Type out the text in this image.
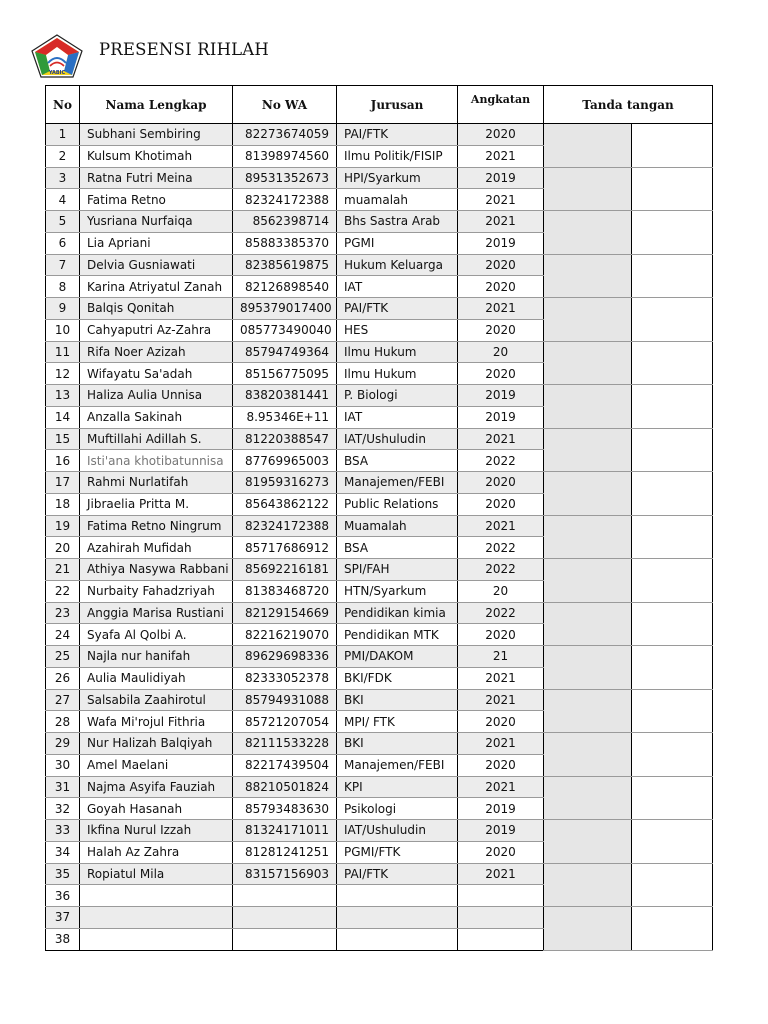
YABIC
PRESENSI RIHLAH
No	Nama Lengkap	No WA	Jurusan	Angkatan	Tanda tangan	
1	Subhani Sembiring	82273674059	PAI/FTK	2020		
2	Kulsum Khotimah	81398974560	Ilmu Politik/FISIP	2021		
3	Ratna Futri Meina	89531352673	HPI/Syarkum	2019		
4	Fatima Retno	82324172388	muamalah	2021		
5	Yusriana Nurfaiqa	8562398714	Bhs Sastra Arab	2021		
6	Lia Apriani	85883385370	PGMI	2019		
7	Delvia Gusniawati	82385619875	Hukum Keluarga	2020		
8	Karina Atriyatul Zanah	82126898540	IAT	2020		
9	Balqis Qonitah	895379017400	PAI/FTK	2021		
10	Cahyaputri Az-Zahra	085773490040	HES	2020		
11	Rifa Noer Azizah	85794749364	Ilmu Hukum	20		
12	Wifayatu Sa'adah	85156775095	Ilmu Hukum	2020		
13	Haliza Aulia Unnisa	83820381441	P. Biologi	2019		
14	Anzalla Sakinah	8.95346E+11	IAT	2019		
15	Muftillahi Adillah S.	81220388547	IAT/Ushuludin	2021		
16	Isti'ana khotibatunnisa	87769965003	BSA	2022		
17	Rahmi Nurlatifah	81959316273	Manajemen/FEBI	2020		
18	Jibraelia Pritta M.	85643862122	Public Relations	2020		
19	Fatima Retno Ningrum	82324172388	Muamalah	2021		
20	Azahirah Mufidah	85717686912	BSA	2022		
21	Athiya Nasywa Rabbani	85692216181	SPI/FAH	2022		
22	Nurbaity Fahadzriyah	81383468720	HTN/Syarkum	20		
23	Anggia Marisa Rustiani	82129154669	Pendidikan kimia	2022		
24	Syafa Al Qolbi A.	82216219070	Pendidikan MTK	2020		
25	Najla nur hanifah	89629698336	PMI/DAKOM	21		
26	Aulia Maulidiyah	82333052378	BKI/FDK	2021		
27	Salsabila Zaahirotul	85794931088	BKI	2021		
28	Wafa Mi'rojul Fithria	85721207054	MPI/ FTK	2020		
29	Nur Halizah Balqiyah	82111533228	BKI	2021		
30	Amel Maelani	82217439504	Manajemen/FEBI	2020		
31	Najma Asyifa Fauziah	88210501824	KPI	2021		
32	Goyah Hasanah	85793483630	Psikologi	2019		
33	Ikfina Nurul Izzah	81324171011	IAT/Ushuludin	2019		
34	Halah Az Zahra	81281241251	PGMI/FTK	2020		
35	Ropiatul Mila	83157156903	PAI/FTK	2021		
36						
37						
38						
